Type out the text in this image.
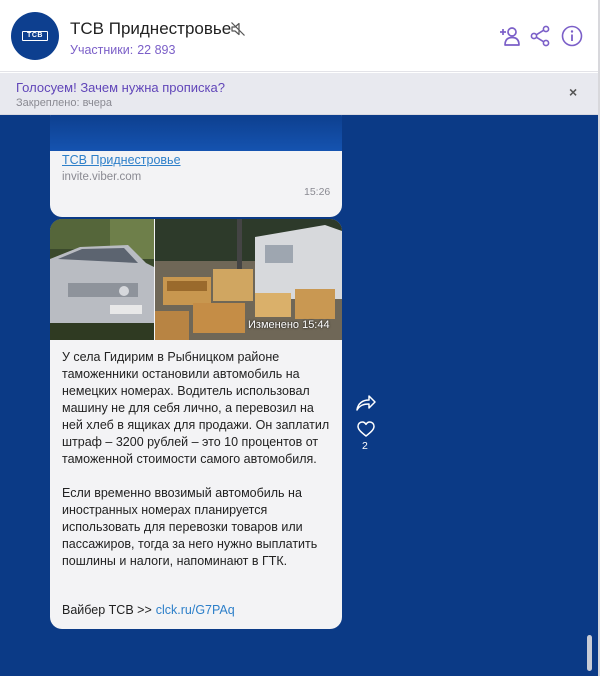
ТСВ ТСВ Приднестровье
Участники: 22 893
Голосуем! Зачем нужна прописка?
Закреплено: вчера
×
ТСВ Приднестровье
invite.viber.com
15:26
Изменено 15:44

У села Гидирим в Рыбницком районе таможенники остановили автомобиль на немецких номерах. Водитель использовал машину не для себя лично, а перевозил на ней хлеб в ящиках для продажи. Он заплатил штраф – 3200 рублей – это 10 процентов от таможенной стоимости самого автомобиля.

Если временно ввозимый автомобиль на иностранных номерах планируется использовать для перевозки товаров или пассажиров, тогда за него нужно выплатить пошлины и налоги, напоминают в ГТК.

Вайбер ТСВ >> clck.ru/G7PAq
2
